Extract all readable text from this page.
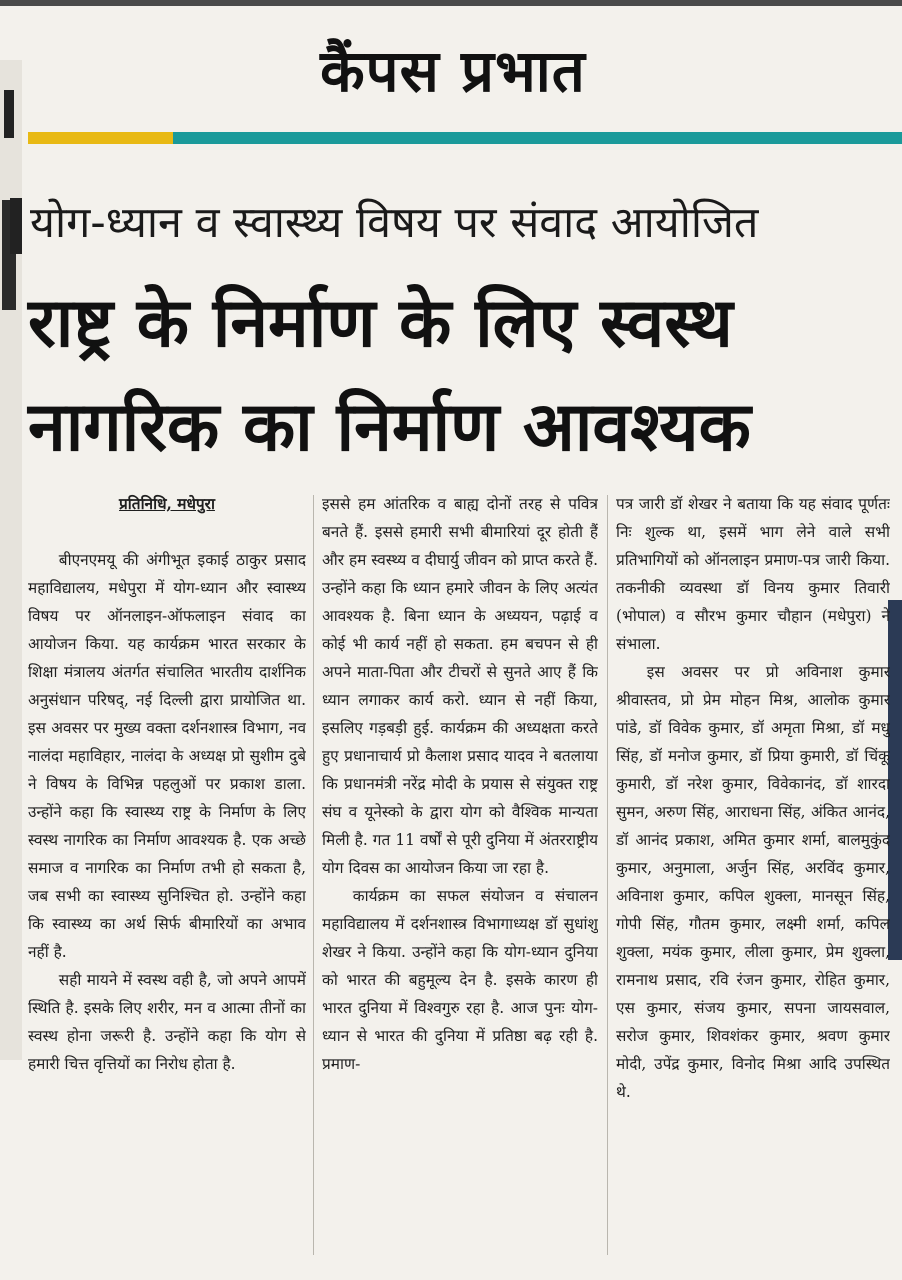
कैंपस प्रभात
योग-ध्यान व स्वास्थ्य विषय पर संवाद आयोजित
राष्ट्र के निर्माण के लिए स्वस्थ
नागरिक का निर्माण आवश्यक

प्रतिनिधि, मधेपुरा

बीएनएमयू की अंगीभूत इकाई ठाकुर प्रसाद महाविद्यालय, मधेपुरा में योग-ध्यान और स्वास्थ्य विषय पर ऑनलाइन-ऑफलाइन संवाद का आयोजन किया. यह कार्यक्रम भारत सरकार के शिक्षा मंत्रालय अंतर्गत संचालित भारतीय दार्शनिक अनुसंधान परिषद्, नई दिल्ली द्वारा प्रायोजित था. इस अवसर पर मुख्य वक्ता दर्शनशास्त्र विभाग, नव नालंदा महाविहार, नालंदा के अध्यक्ष प्रो सुशीम दुबे ने विषय के विभिन्न पहलुओं पर प्रकाश डाला. उन्होंने कहा कि स्वास्थ्य राष्ट्र के निर्माण के लिए स्वस्थ नागरिक का निर्माण आवश्यक है. एक अच्छे समाज व नागरिक का निर्माण तभी हो सकता है, जब सभी का स्वास्थ्य सुनिश्चित हो. उन्होंने कहा कि स्वास्थ्य का अर्थ सिर्फ बीमारियों का अभाव नहीं है.

सही मायने में स्वस्थ वही है, जो अपने आपमें स्थिति है. इसके लिए शरीर, मन व आत्मा तीनों का स्वस्थ होना जरूरी है. उन्होंने कहा कि योग से हमारी चित्त वृत्तियों का निरोध होता है.

इससे हम आंतरिक व बाह्य दोनों तरह से पवित्र बनते हैं. इससे हमारी सभी बीमारियां दूर होती हैं और हम स्वस्थ्य व दीघार्यु जीवन को प्राप्त करते हैं. उन्होंने कहा कि ध्यान हमारे जीवन के लिए अत्यंत आवश्यक है. बिना ध्यान के अध्ययन, पढ़ाई व कोई भी कार्य नहीं हो सकता. हम बचपन से ही अपने माता-पिता और टीचरों से सुनते आए हैं कि ध्यान लगाकर कार्य करो. ध्यान से नहीं किया, इसलिए गड़बड़ी हुई. कार्यक्रम की अध्यक्षता करते हुए प्रधानाचार्य प्रो कैलाश प्रसाद यादव ने बतलाया कि प्रधानमंत्री नरेंद्र मोदी के प्रयास से संयुक्त राष्ट्र संघ व यूनेस्को के द्वारा योग को वैश्विक मान्यता मिली है. गत 11 वर्षों से पूरी दुनिया में अंतरराष्ट्रीय योग दिवस का आयोजन किया जा रहा है.

कार्यक्रम का सफल संयोजन व संचालन महाविद्यालय में दर्शनशास्त्र विभागाध्यक्ष डॉ सुधांशु शेखर ने किया. उन्होंने कहा कि योग-ध्यान दुनिया को भारत की बहुमूल्य देन है. इसके कारण ही भारत दुनिया में विश्वगुरु रहा है. आज पुनः योग-ध्यान से भारत की दुनिया में प्रतिष्ठा बढ़ रही है. प्रमाण-

पत्र जारी डॉ शेखर ने बताया कि यह संवाद पूर्णतः निः शुल्क था, इसमें भाग लेने वाले सभी प्रतिभागियों को ऑनलाइन प्रमाण-पत्र जारी किया. तकनीकी व्यवस्था डॉ विनय कुमार तिवारी (भोपाल) व सौरभ कुमार चौहान (मधेपुरा) ने संभाला.

इस अवसर पर प्रो अविनाश कुमार श्रीवास्तव, प्रो प्रेम मोहन मिश्र, आलोक कुमार पांडे, डॉ विवेक कुमार, डॉ अमृता मिश्रा, डॉ मधु सिंह, डॉ मनोज कुमार, डॉ प्रिया कुमारी, डॉ चिंकू कुमारी, डॉ नरेश कुमार, विवेकानंद, डॉ शारदा सुमन, अरुण सिंह, आराधना सिंह, अंकित आनंद, डॉ आनंद प्रकाश, अमित कुमार शर्मा, बालमुकुंद कुमार, अनुमाला, अर्जुन सिंह, अरविंद कुमार, अविनाश कुमार, कपिल शुक्ला, मानसून सिंह, गोपी सिंह, गौतम कुमार, लक्ष्मी शर्मा, कपिल शुक्ला, मयंक कुमार, लीला कुमार, प्रेम शुक्ला, रामनाथ प्रसाद, रवि रंजन कुमार, रोहित कुमार, एस कुमार, संजय कुमार, सपना जायसवाल, सरोज कुमार, शिवशंकर कुमार, श्रवण कुमार मोदी, उपेंद्र कुमार, विनोद मिश्रा आदि उपस्थित थे.
